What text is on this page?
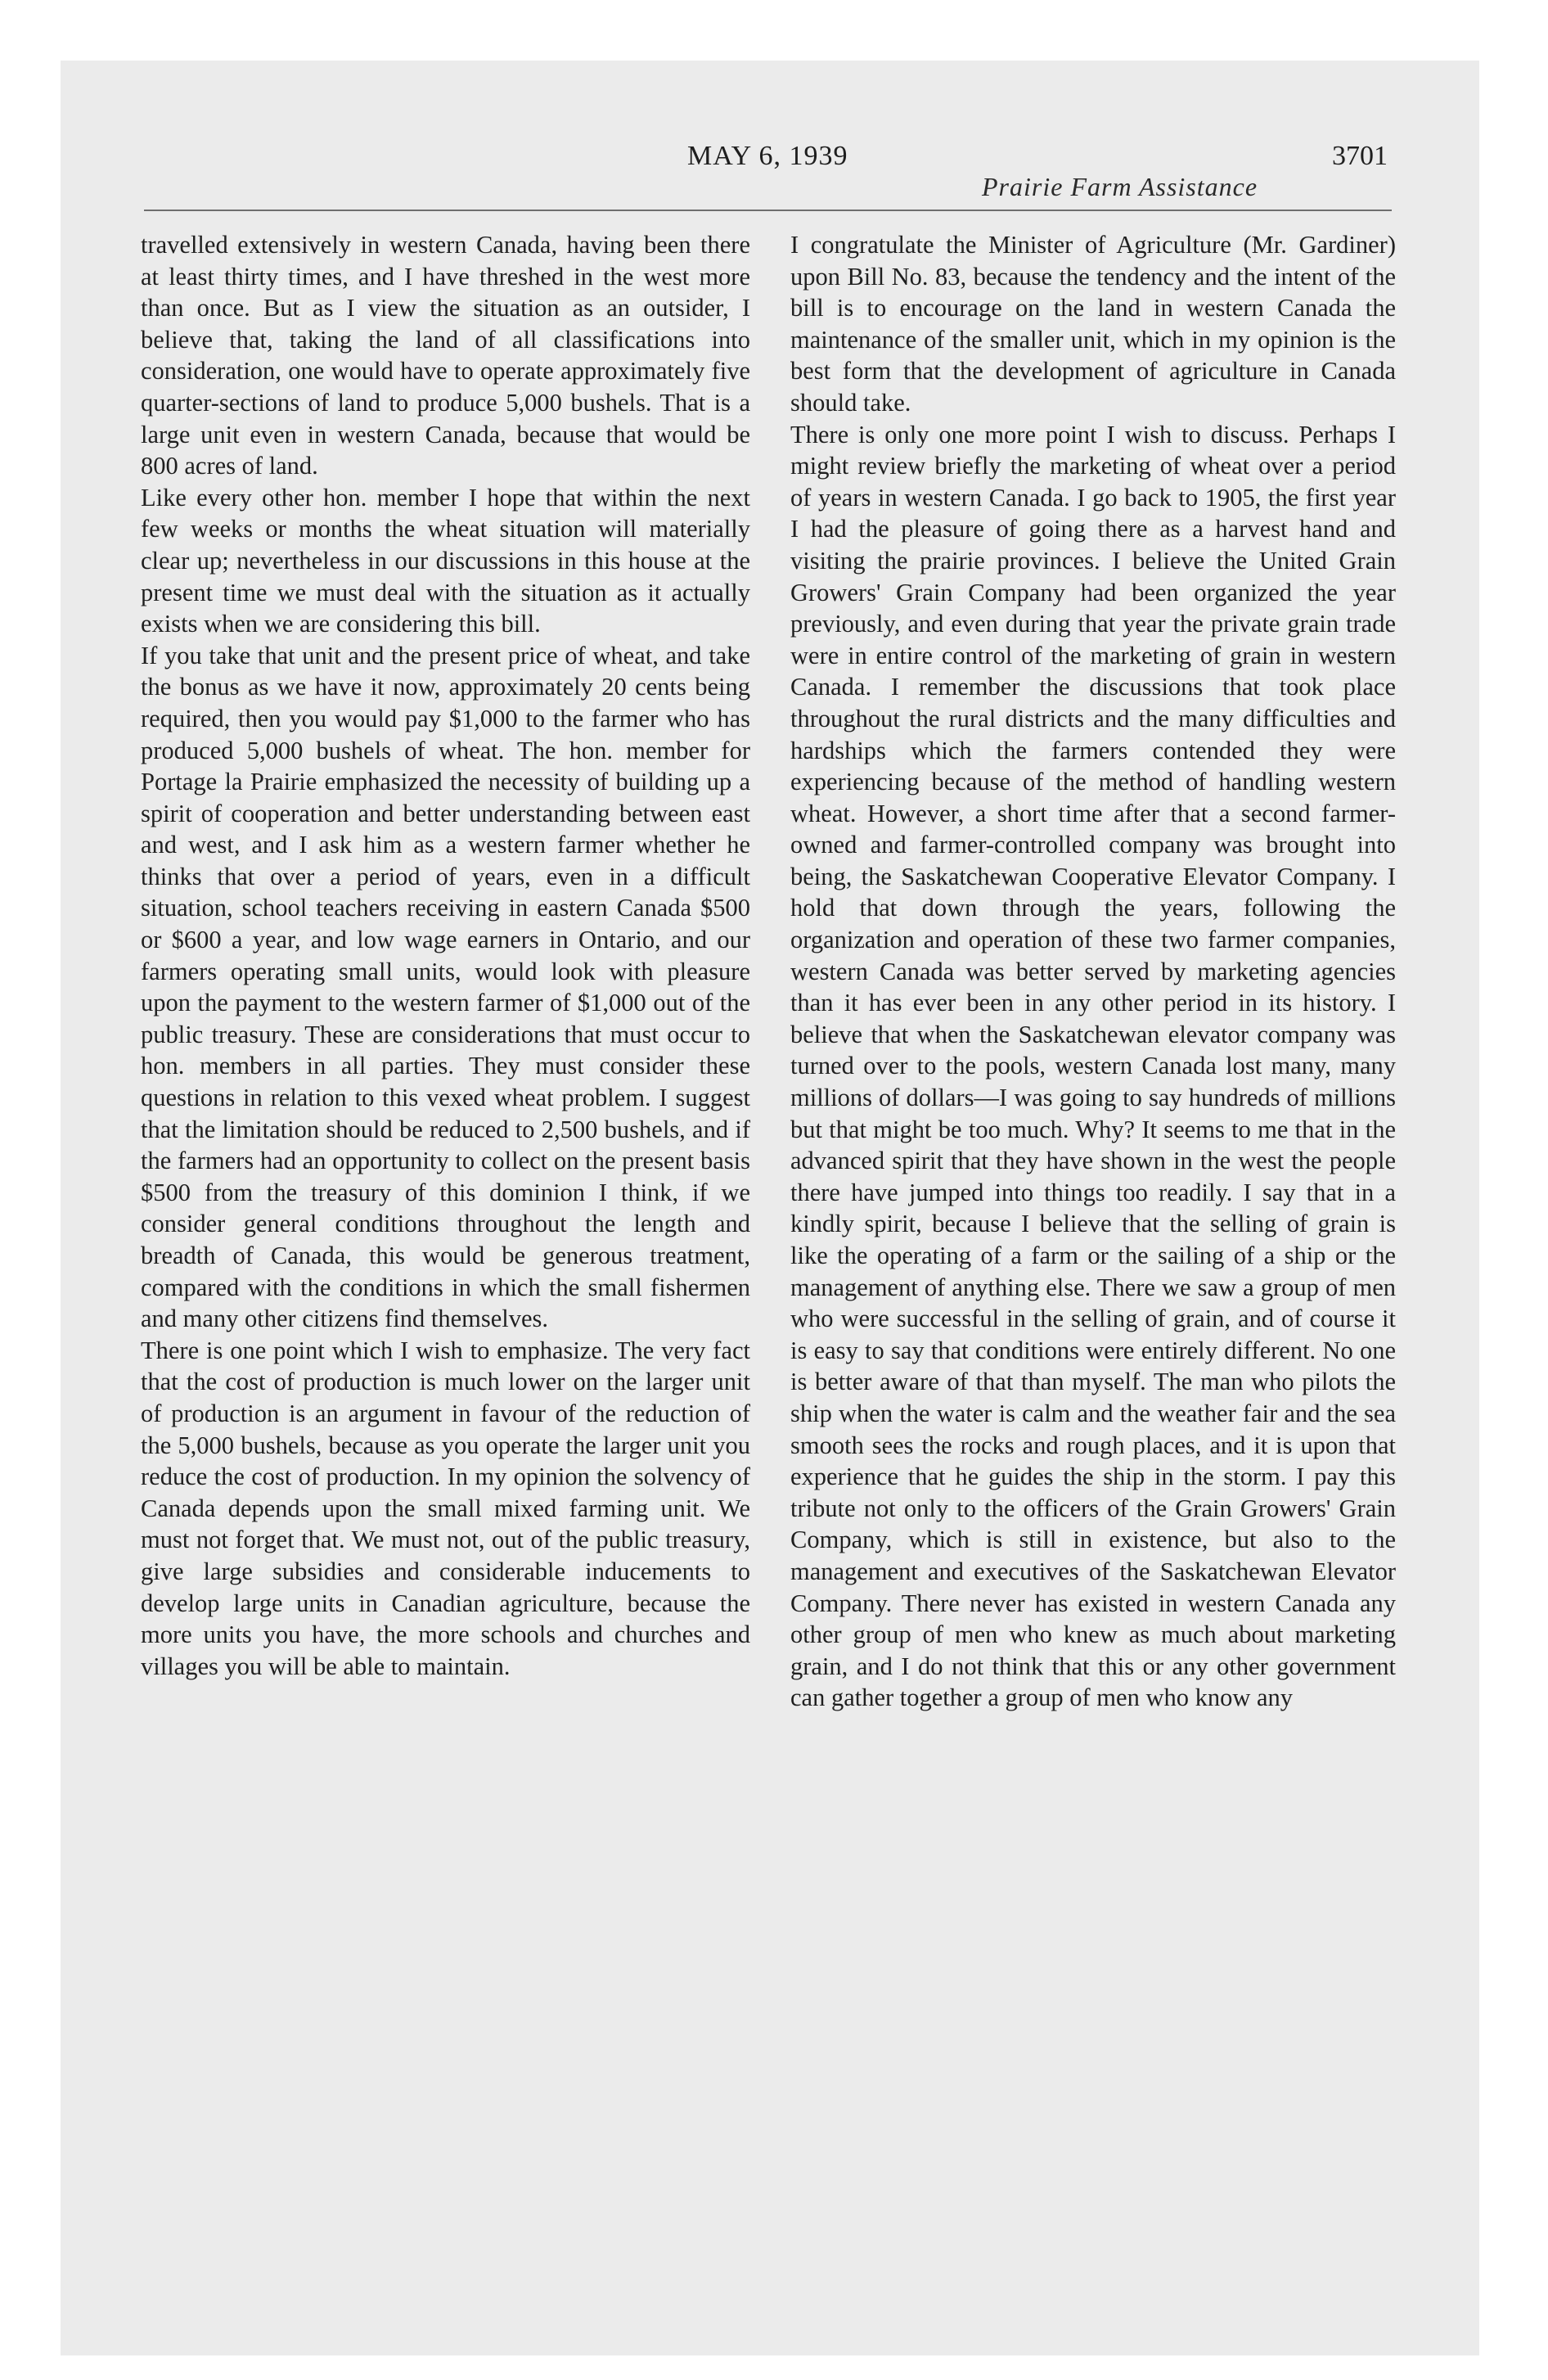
MAY 6, 1939	3701
Prairie Farm Assistance

travelled extensively in western Canada, having been there at least thirty times, and I have threshed in the west more than once. But as I view the situation as an outsider, I believe that, taking the land of all classifications into consideration, one would have to operate approximately five quarter-sections of land to produce 5,000 bushels. That is a large unit even in western Canada, because that would be 800 acres of land.

Like every other hon. member I hope that within the next few weeks or months the wheat situation will materially clear up; nevertheless in our discussions in this house at the present time we must deal with the situation as it actually exists when we are considering this bill.

If you take that unit and the present price of wheat, and take the bonus as we have it now, approximately 20 cents being required, then you would pay $1,000 to the farmer who has produced 5,000 bushels of wheat. The hon. member for Portage la Prairie emphasized the necessity of building up a spirit of cooperation and better understanding between east and west, and I ask him as a western farmer whether he thinks that over a period of years, even in a difficult situation, school teachers receiving in eastern Canada $500 or $600 a year, and low wage earners in Ontario, and our farmers operating small units, would look with pleasure upon the payment to the western farmer of $1,000 out of the public treasury. These are considerations that must occur to hon. members in all parties. They must consider these questions in relation to this vexed wheat problem. I suggest that the limitation should be reduced to 2,500 bushels, and if the farmers had an opportunity to collect on the present basis $500 from the treasury of this dominion I think, if we consider general conditions throughout the length and breadth of Canada, this would be generous treatment, compared with the conditions in which the small fishermen and many other citizens find themselves.

There is one point which I wish to emphasize. The very fact that the cost of production is much lower on the larger unit of production is an argument in favour of the reduction of the 5,000 bushels, because as you operate the larger unit you reduce the cost of production. In my opinion the solvency of Canada depends upon the small mixed farming unit. We must not forget that. We must not, out of the public treasury, give large subsidies and considerable inducements to develop large units in Canadian agriculture, because the more units you have, the more schools and churches and villages you will be able to maintain.

I congratulate the Minister of Agriculture (Mr. Gardiner) upon Bill No. 83, because the tendency and the intent of the bill is to encourage on the land in western Canada the maintenance of the smaller unit, which in my opinion is the best form that the development of agriculture in Canada should take.

There is only one more point I wish to discuss. Perhaps I might review briefly the marketing of wheat over a period of years in western Canada. I go back to 1905, the first year I had the pleasure of going there as a harvest hand and visiting the prairie provinces. I believe the United Grain Growers' Grain Company had been organized the year previously, and even during that year the private grain trade were in entire control of the marketing of grain in western Canada. I remember the discussions that took place throughout the rural districts and the many difficulties and hardships which the farmers contended they were experiencing because of the method of handling western wheat. However, a short time after that a second farmer-owned and farmer-controlled company was brought into being, the Saskatchewan Cooperative Elevator Company. I hold that down through the years, following the organization and operation of these two farmer companies, western Canada was better served by marketing agencies than it has ever been in any other period in its history. I believe that when the Saskatchewan elevator company was turned over to the pools, western Canada lost many, many millions of dollars—I was going to say hundreds of millions but that might be too much. Why? It seems to me that in the advanced spirit that they have shown in the west the people there have jumped into things too readily. I say that in a kindly spirit, because I believe that the selling of grain is like the operating of a farm or the sailing of a ship or the management of anything else. There we saw a group of men who were successful in the selling of grain, and of course it is easy to say that conditions were entirely different. No one is better aware of that than myself. The man who pilots the ship when the water is calm and the weather fair and the sea smooth sees the rocks and rough places, and it is upon that experience that he guides the ship in the storm. I pay this tribute not only to the officers of the Grain Growers' Grain Company, which is still in existence, but also to the management and executives of the Saskatchewan Elevator Company. There never has existed in western Canada any other group of men who knew as much about marketing grain, and I do not think that this or any other government can gather together a group of men who know any
